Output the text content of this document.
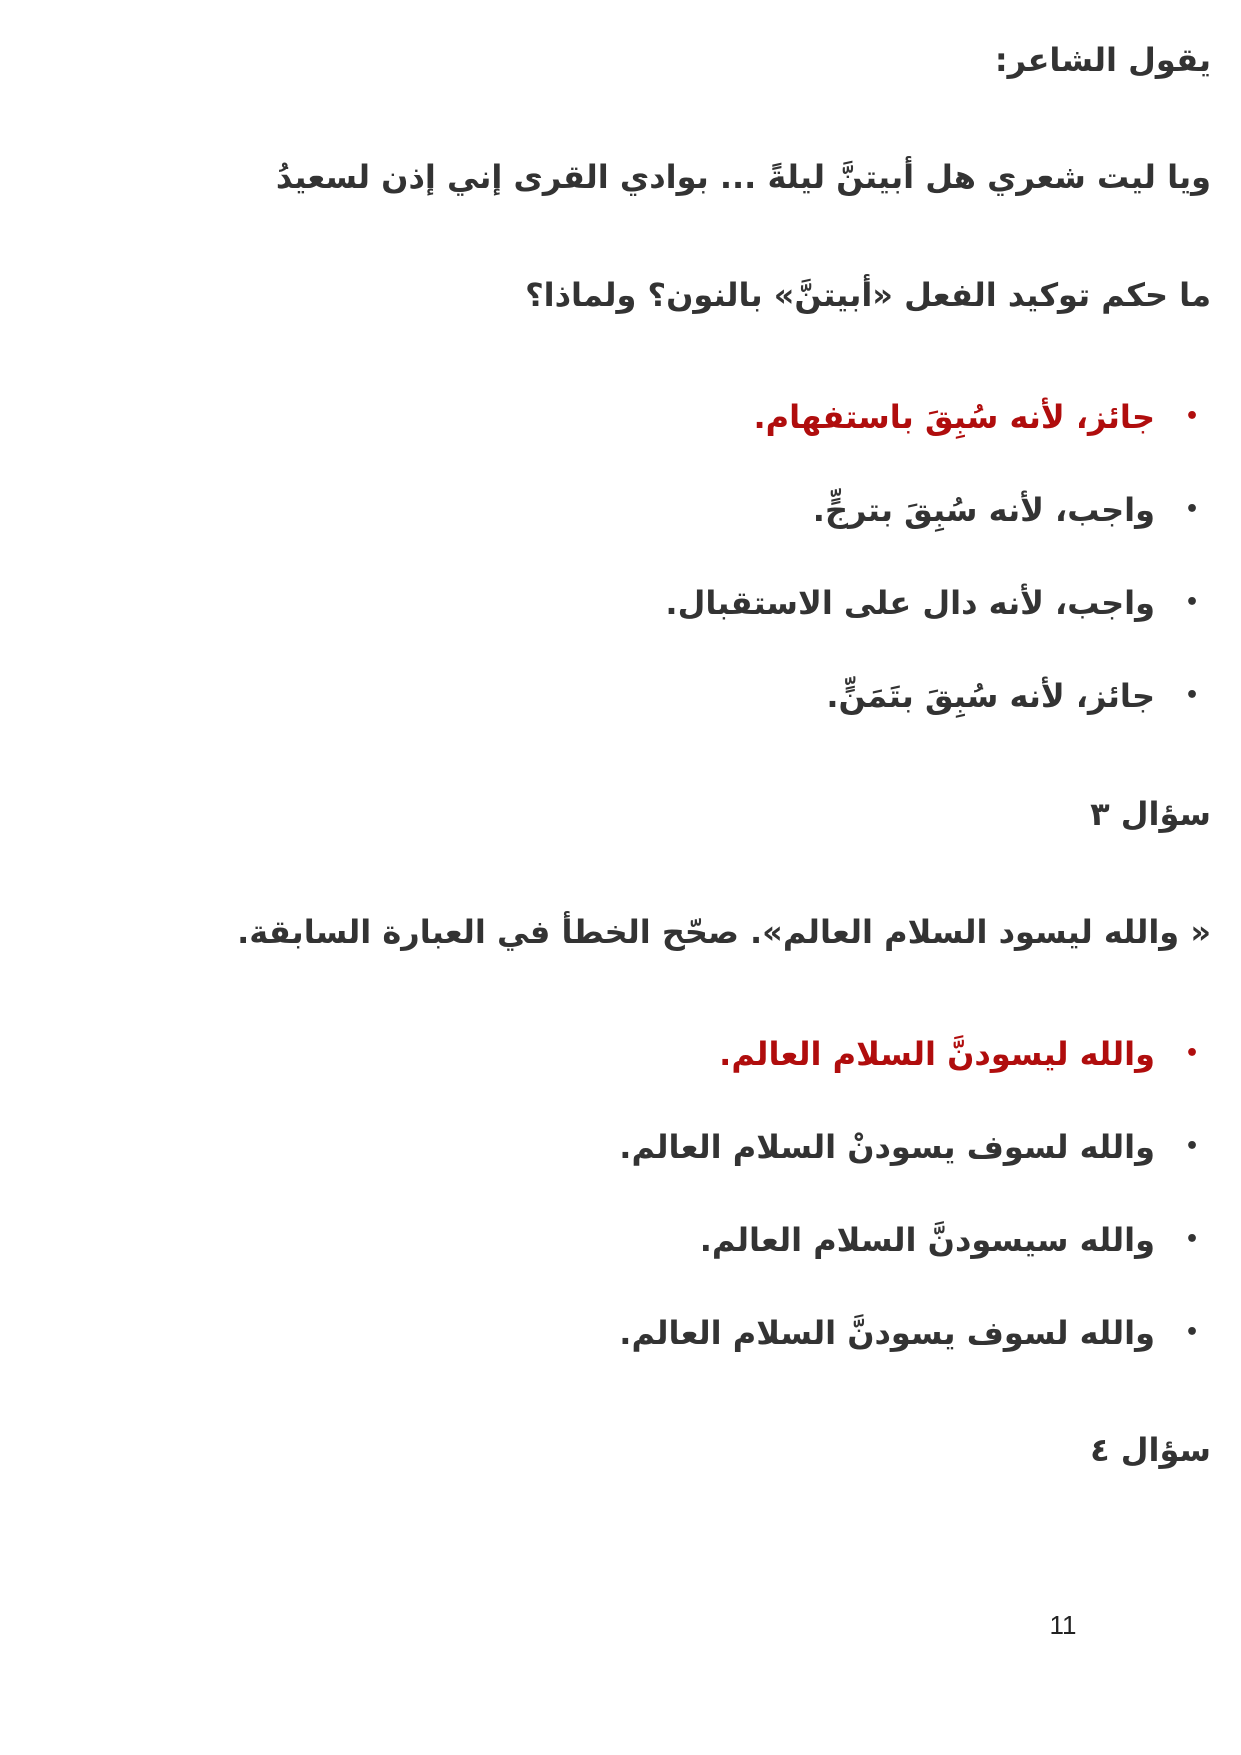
يقول الشاعر:
ويا ليت شعري هل أبيتنَّ ليلةً ... بوادي القرى إني إذن لسعيدُ
ما حكم توكيد الفعل «أبيتنَّ» بالنون؟ ولماذا؟
•جائز، لأنه سُبِقَ باستفهام.
•واجب، لأنه سُبِقَ بترجٍّ.
•واجب، لأنه دال على الاستقبال.
•جائز، لأنه سُبِقَ بتَمَنٍّ.
سؤال ٣
« والله ليسود السلام العالم». صحّح الخطأ في العبارة السابقة.
•والله ليسودنَّ السلام العالم.
•والله لسوف يسودنْ السلام العالم.
•والله سيسودنَّ السلام العالم.
•والله لسوف يسودنَّ السلام العالم.
سؤال ٤
11
